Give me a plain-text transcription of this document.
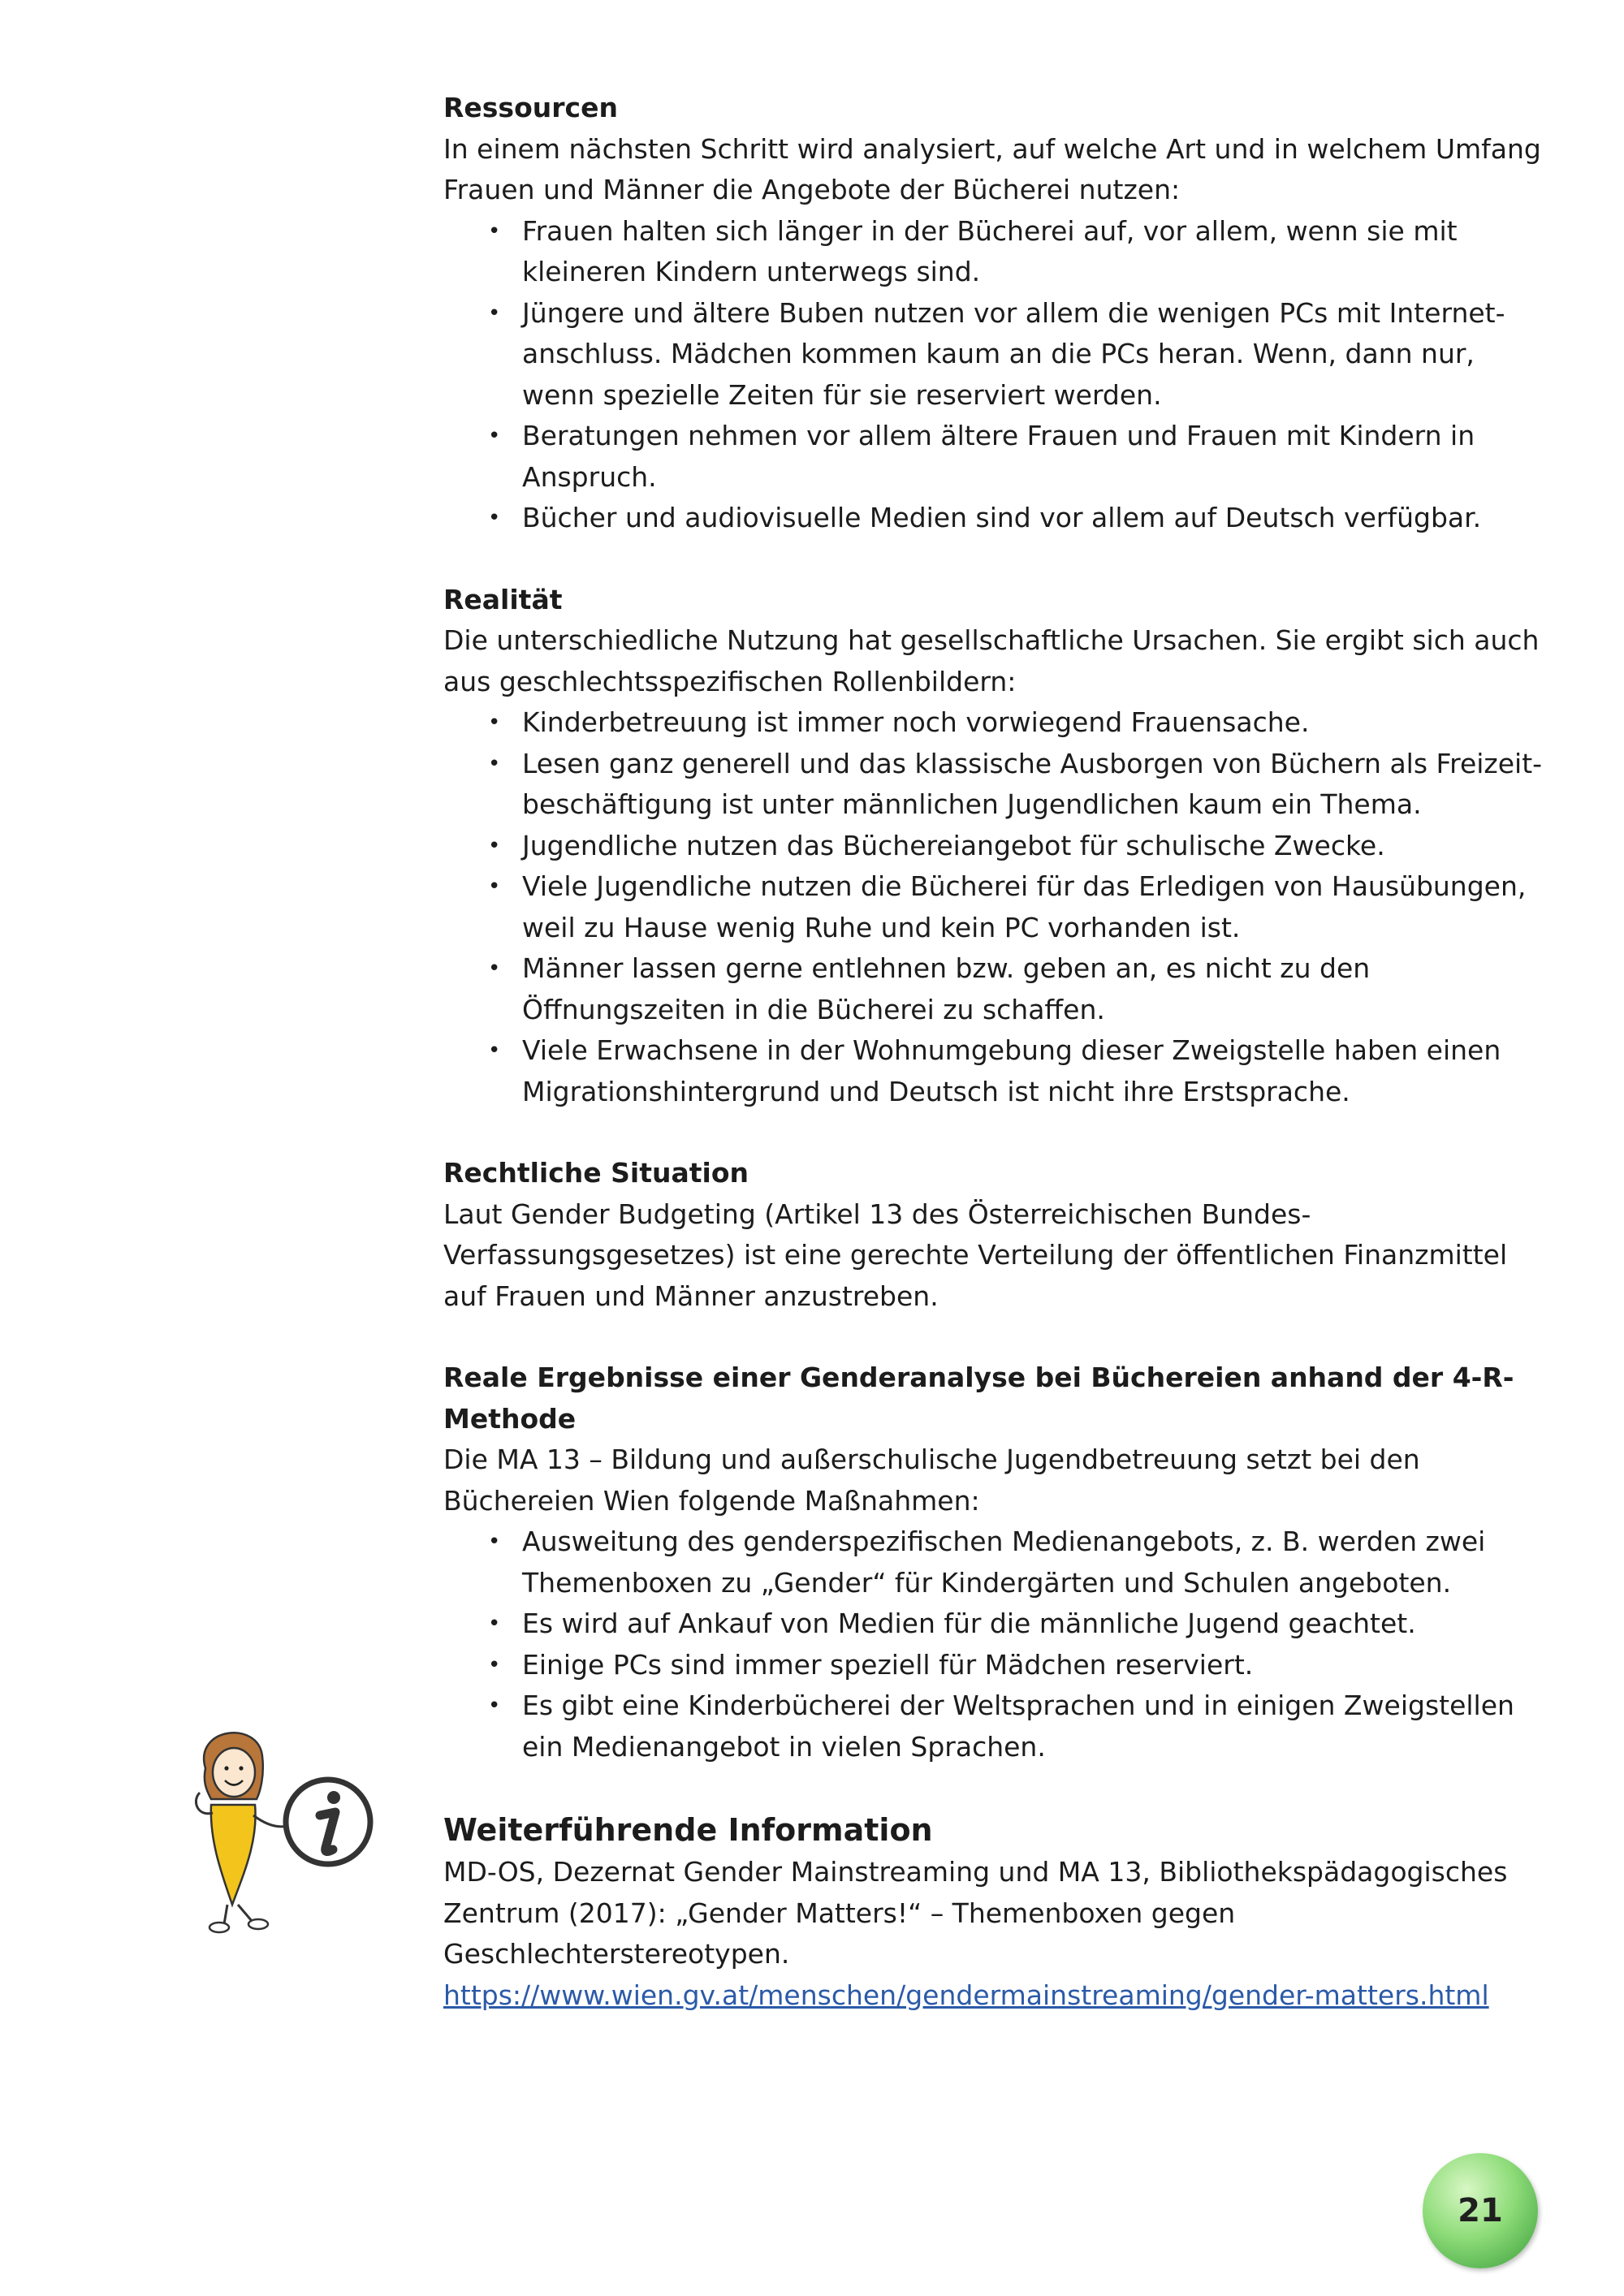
Ressourcen

In einem nächsten Schritt wird analysiert, auf welche Art und in welchem Umfang Frauen und Männer die Angebote der Bücherei nutzen:

• Frauen halten sich länger in der Bücherei auf, vor allem, wenn sie mit kleineren Kindern unterwegs sind.
• Jüngere und ältere Buben nutzen vor allem die wenigen PCs mit Internetanschluss. Mädchen kommen kaum an die PCs heran. Wenn, dann nur, wenn spezielle Zeiten für sie reserviert werden.
• Beratungen nehmen vor allem ältere Frauen und Frauen mit Kindern in Anspruch.
• Bücher und audiovisuelle Medien sind vor allem auf Deutsch verfügbar.

Realität

Die unterschiedliche Nutzung hat gesellschaftliche Ursachen. Sie ergibt sich auch aus geschlechtsspezifischen Rollenbildern:

• Kinderbetreuung ist immer noch vorwiegend Frauensache.
• Lesen ganz generell und das klassische Ausborgen von Büchern als Freizeitbeschäftigung ist unter männlichen Jugendlichen kaum ein Thema.
• Jugendliche nutzen das Büchereiangebot für schulische Zwecke.
• Viele Jugendliche nutzen die Bücherei für das Erledigen von Hausübungen, weil zu Hause wenig Ruhe und kein PC vorhanden ist.
• Männer lassen gerne entlehnen bzw. geben an, es nicht zu den Öffnungszeiten in die Bücherei zu schaffen.
• Viele Erwachsene in der Wohnumgebung dieser Zweigstelle haben einen Migrationshintergrund und Deutsch ist nicht ihre Erstsprache.

Rechtliche Situation

Laut Gender Budgeting (Artikel 13 des Österreichischen Bundes-Verfassungsgesetzes) ist eine gerechte Verteilung der öffentlichen Finanzmittel auf Frauen und Männer anzustreben.

Reale Ergebnisse einer Genderanalyse bei Büchereien anhand der 4-R-Methode

Die MA 13 – Bildung und außerschulische Jugendbetreuung setzt bei den Büchereien Wien folgende Maßnahmen:

• Ausweitung des genderspezifischen Medienangebots, z. B. werden zwei Themenboxen zu „Gender“ für Kindergärten und Schulen angeboten.
• Es wird auf Ankauf von Medien für die männliche Jugend geachtet.
• Einige PCs sind immer speziell für Mädchen reserviert.
• Es gibt eine Kinderbücherei der Weltsprachen und in einigen Zweigstellen ein Medienangebot in vielen Sprachen.

Weiterführende Information

MD-OS, Dezernat Gender Mainstreaming und MA 13, Bibliothekspädagogisches Zentrum (2017): „Gender Matters!“ – Themenboxen gegen Geschlechterstereotypen.

https://www.wien.gv.at/menschen/gendermainstreaming/gender-matters.html
21
